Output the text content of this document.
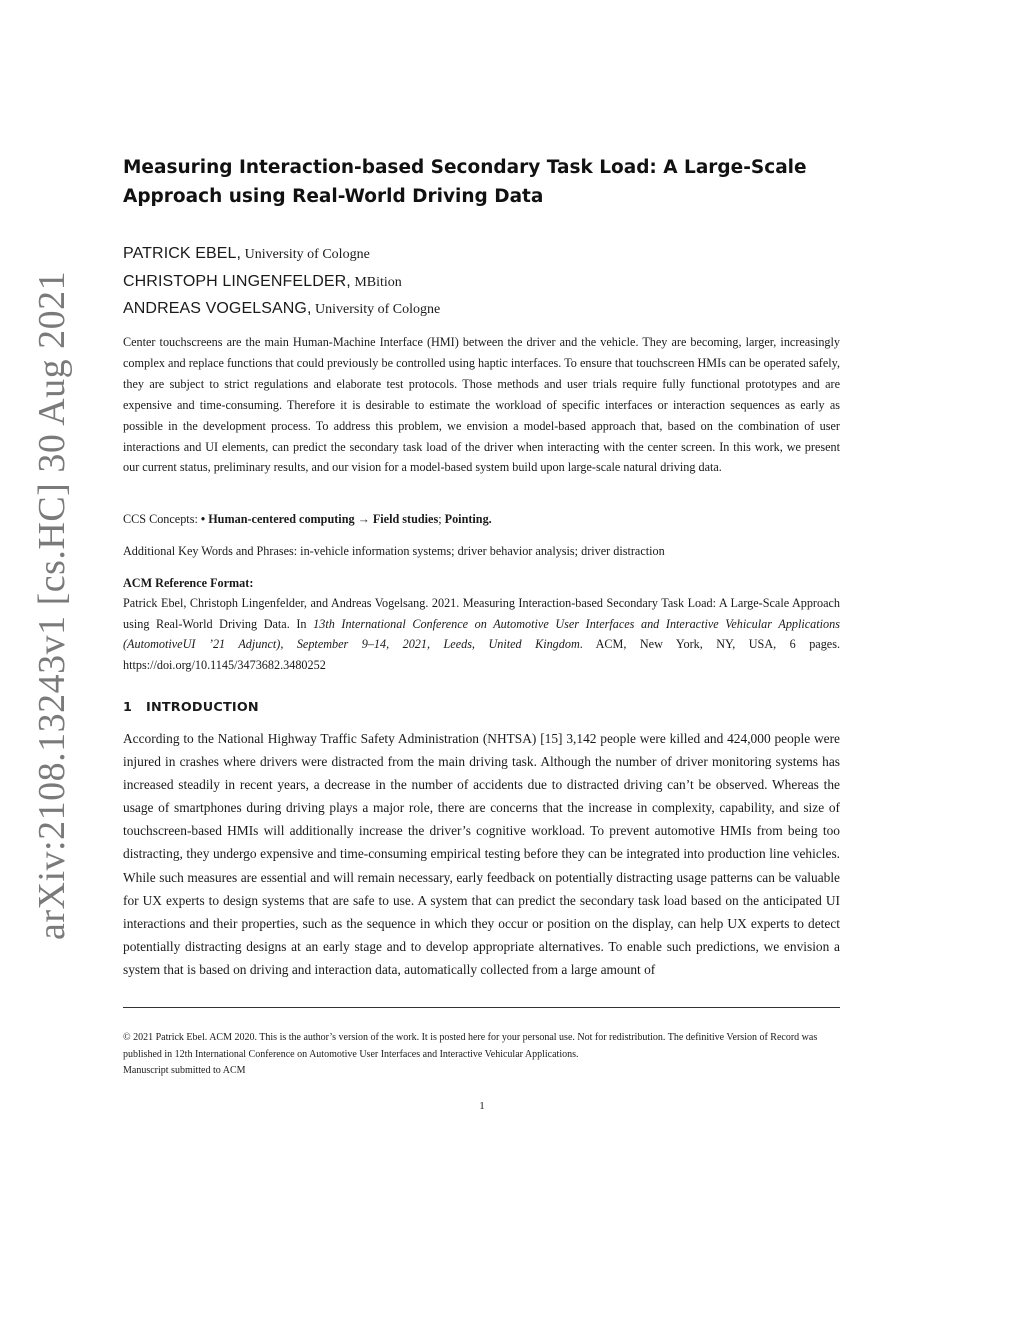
arXiv:2108.13243v1 [cs.HC] 30 Aug 2021
Measuring Interaction-based Secondary Task Load: A Large-Scale Approach using Real-World Driving Data
PATRICK EBEL, University of Cologne
CHRISTOPH LINGENFELDER, MBition
ANDREAS VOGELSANG, University of Cologne

Center touchscreens are the main Human-Machine Interface (HMI) between the driver and the vehicle. They are becoming, larger, increasingly complex and replace functions that could previously be controlled using haptic interfaces. To ensure that touchscreen HMIs can be operated safely, they are subject to strict regulations and elaborate test protocols. Those methods and user trials require fully functional prototypes and are expensive and time-consuming. Therefore it is desirable to estimate the workload of specific interfaces or interaction sequences as early as possible in the development process. To address this problem, we envision a model-based approach that, based on the combination of user interactions and UI elements, can predict the secondary task load of the driver when interacting with the center screen. In this work, we present our current status, preliminary results, and our vision for a model-based system build upon large-scale natural driving data.

CCS Concepts: • Human-centered computing → Field studies; Pointing.

Additional Key Words and Phrases: in-vehicle information systems; driver behavior analysis; driver distraction

ACM Reference Format:

Patrick Ebel, Christoph Lingenfelder, and Andreas Vogelsang. 2021. Measuring Interaction-based Secondary Task Load: A Large-Scale Approach using Real-World Driving Data. In 13th International Conference on Automotive User Interfaces and Interactive Vehicular Applications (AutomotiveUI ’21 Adjunct), September 9–14, 2021, Leeds, United Kingdom. ACM, New York, NY, USA, 6 pages. https://doi.org/10.1145/3473682.3480252

1 INTRODUCTION

According to the National Highway Traffic Safety Administration (NHTSA) [15] 3,142 people were killed and 424,000 people were injured in crashes where drivers were distracted from the main driving task. Although the number of driver monitoring systems has increased steadily in recent years, a decrease in the number of accidents due to distracted driving can’t be observed. Whereas the usage of smartphones during driving plays a major role, there are concerns that the increase in complexity, capability, and size of touchscreen-based HMIs will additionally increase the driver’s cognitive workload. To prevent automotive HMIs from being too distracting, they undergo expensive and time-consuming empirical testing before they can be integrated into production line vehicles. While such measures are essential and will remain necessary, early feedback on potentially distracting usage patterns can be valuable for UX experts to design systems that are safe to use. A system that can predict the secondary task load based on the anticipated UI interactions and their properties, such as the sequence in which they occur or position on the display, can help UX experts to detect potentially distracting designs at an early stage and to develop appropriate alternatives. To enable such predictions, we envision a system that is based on driving and interaction data, automatically collected from a large amount of

© 2021 Patrick Ebel. ACM 2020. This is the author’s version of the work. It is posted here for your personal use. Not for redistribution. The definitive Version of Record was published in 12th International Conference on Automotive User Interfaces and Interactive Vehicular Applications.
Manuscript submitted to ACM

1
